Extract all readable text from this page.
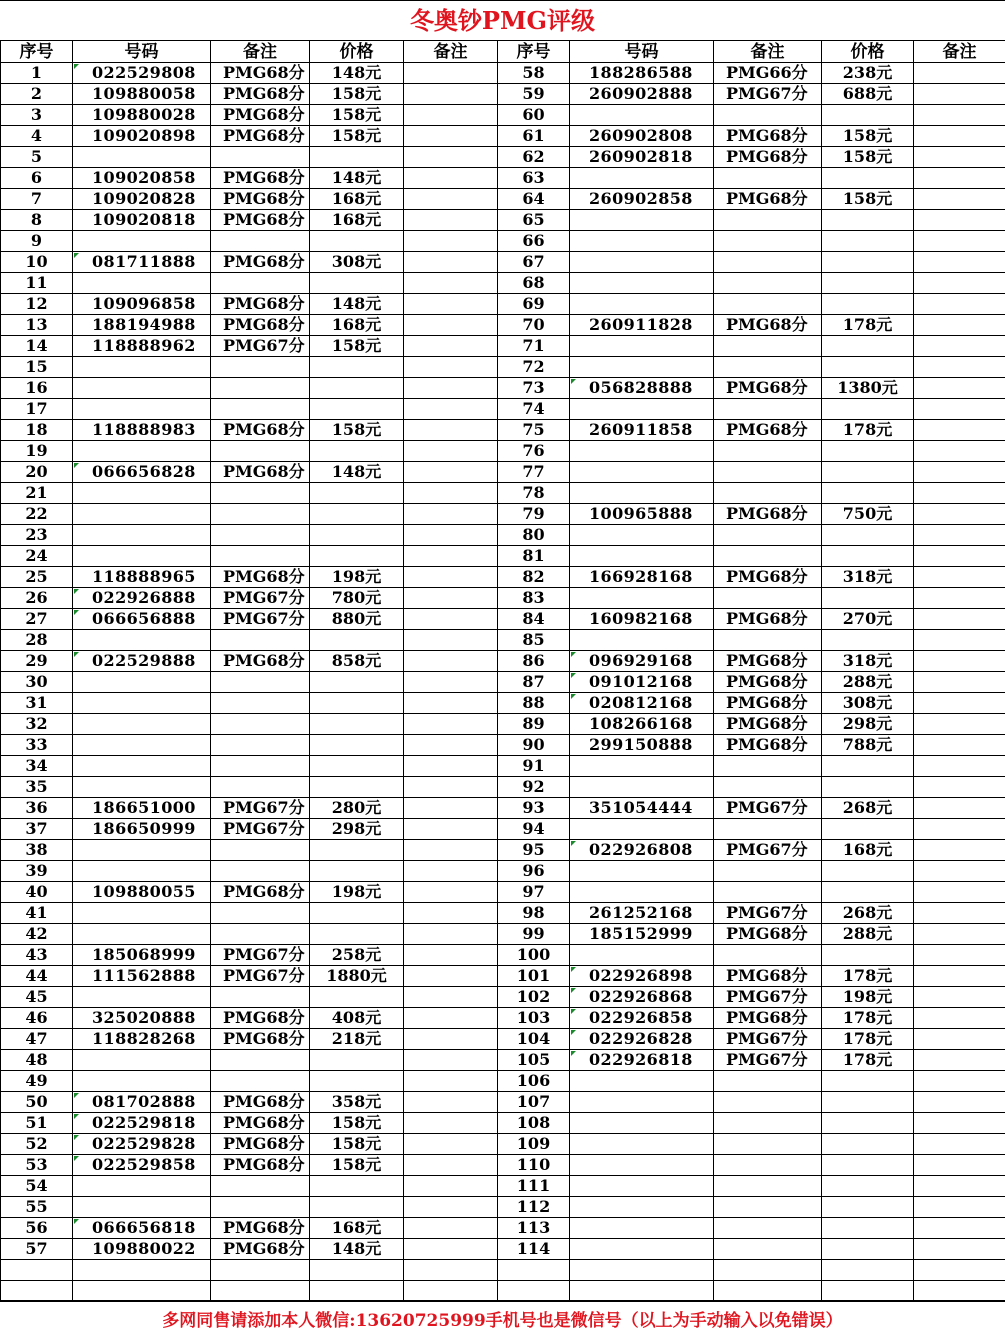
冬奥钞PMG评级
序号	号码	备注	价格	备注	序号	号码	备注	价格	备注
1	022529808	PMG68分	148元		58	188286588	PMG66分	238元	
2	109880058	PMG68分	158元		59	260902888	PMG67分	688元	
3	109880028	PMG68分	158元		60				
4	109020898	PMG68分	158元		61	260902808	PMG68分	158元	
5					62	260902818	PMG68分	158元	
6	109020858	PMG68分	148元		63				
7	109020828	PMG68分	168元		64	260902858	PMG68分	158元	
8	109020818	PMG68分	168元		65				
9					66				
10	081711888	PMG68分	308元		67				
11					68				
12	109096858	PMG68分	148元		69				
13	188194988	PMG68分	168元		70	260911828	PMG68分	178元	
14	118888962	PMG67分	158元		71				
15					72				
16					73	056828888	PMG68分	1380元	
17					74				
18	118888983	PMG68分	158元		75	260911858	PMG68分	178元	
19					76				
20	066656828	PMG68分	148元		77				
21					78				
22					79	100965888	PMG68分	750元	
23					80				
24					81				
25	118888965	PMG68分	198元		82	166928168	PMG68分	318元	
26	022926888	PMG67分	780元		83				
27	066656888	PMG67分	880元		84	160982168	PMG68分	270元	
28					85				
29	022529888	PMG68分	858元		86	096929168	PMG68分	318元	
30					87	091012168	PMG68分	288元	
31					88	020812168	PMG68分	308元	
32					89	108266168	PMG68分	298元	
33					90	299150888	PMG68分	788元	
34					91				
35					92				
36	186651000	PMG67分	280元		93	351054444	PMG67分	268元	
37	186650999	PMG67分	298元		94				
38					95	022926808	PMG67分	168元	
39					96				
40	109880055	PMG68分	198元		97				
41					98	261252168	PMG67分	268元	
42					99	185152999	PMG68分	288元	
43	185068999	PMG67分	258元		100				
44	111562888	PMG67分	1880元		101	022926898	PMG68分	178元	
45					102	022926868	PMG67分	198元	
46	325020888	PMG68分	408元		103	022926858	PMG68分	178元	
47	118828268	PMG68分	218元		104	022926828	PMG67分	178元	
48					105	022926818	PMG67分	178元	
49					106				
50	081702888	PMG68分	358元		107				
51	022529818	PMG68分	158元		108				
52	022529828	PMG68分	158元		109				
53	022529858	PMG68分	158元		110				
54					111				
55					112				
56	066656818	PMG68分	168元		113				
57	109880022	PMG68分	148元		114				

多网同售请添加本人微信:13620725999手机号也是微信号（以上为手动输入以免错误）
